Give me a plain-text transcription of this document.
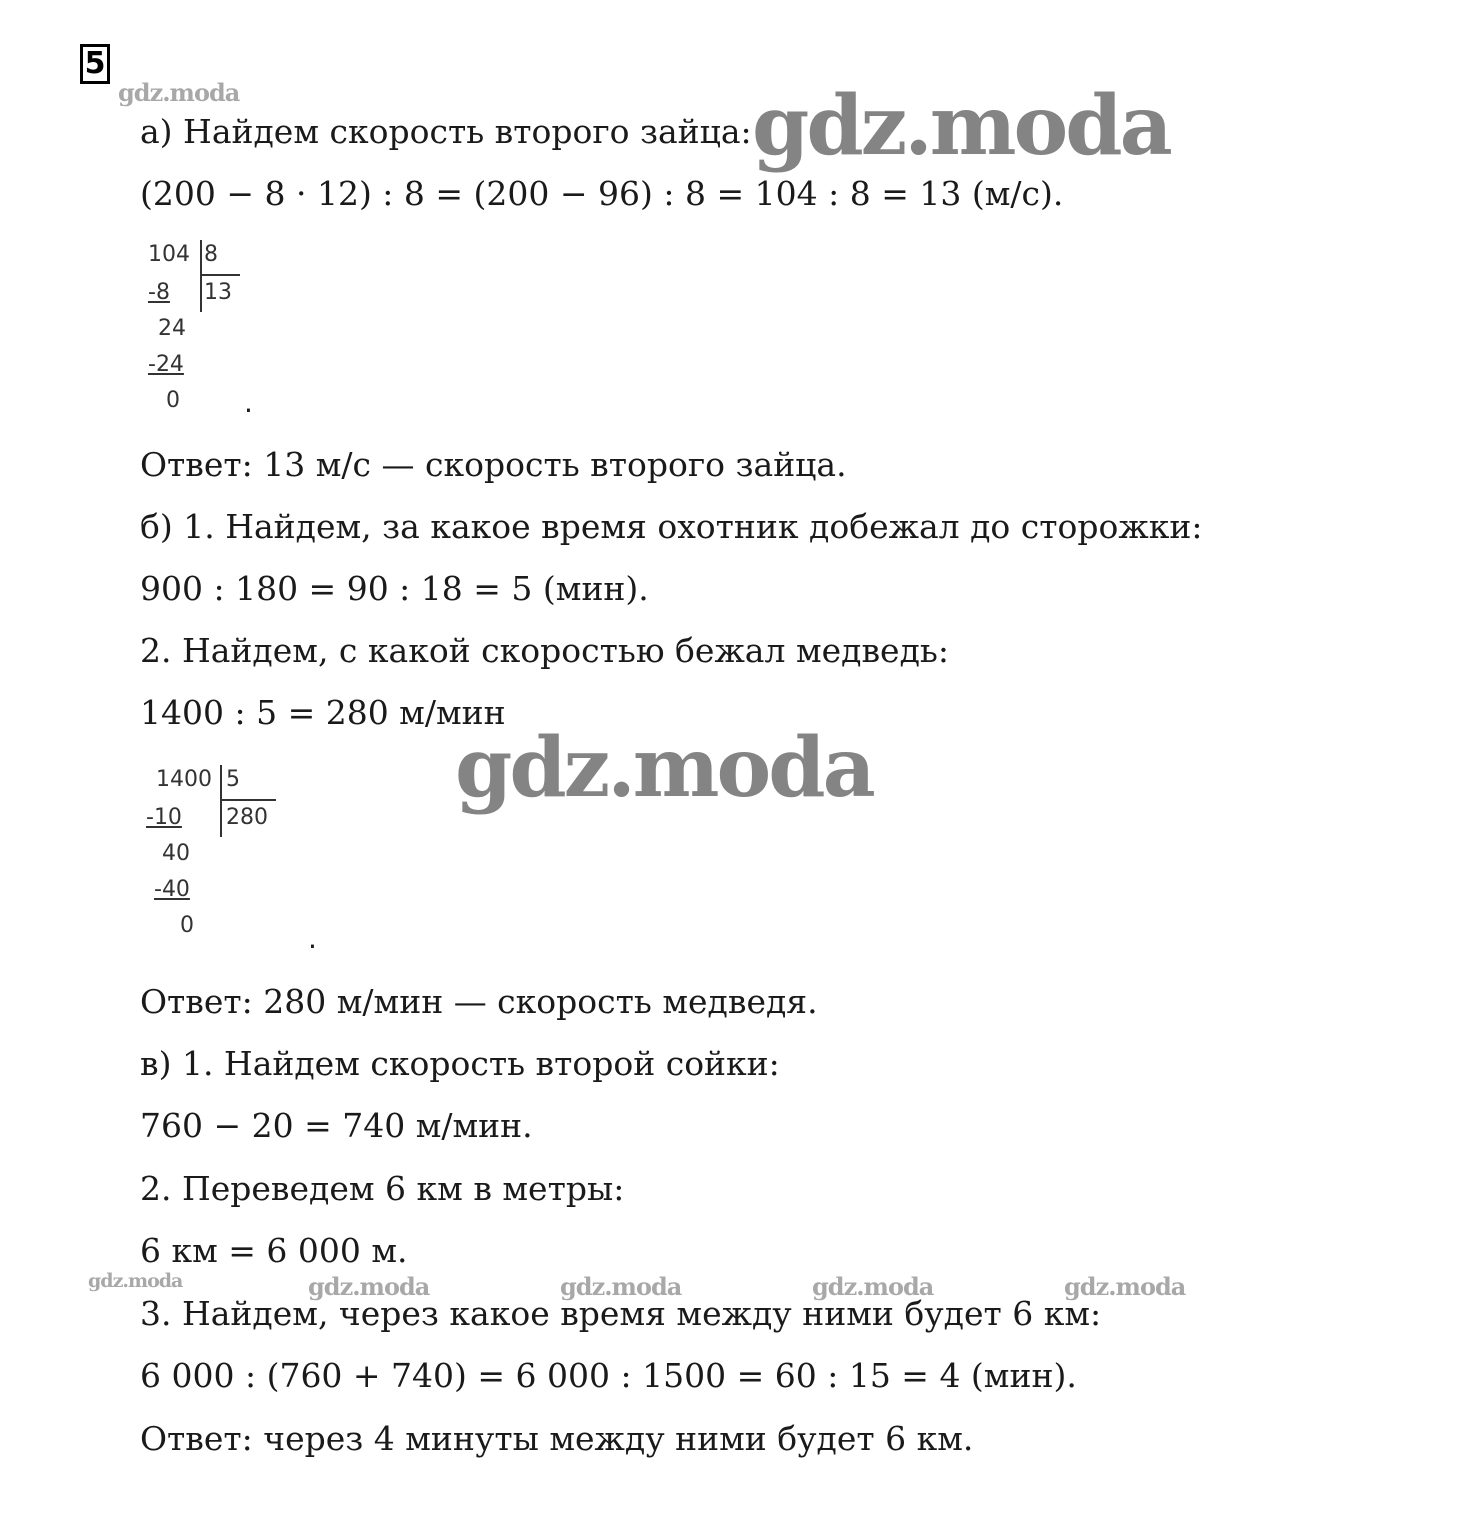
5
gdz.moda	gdz.moda
gdz.moda
gdz.moda	gdz.moda	gdz.moda	gdz.moda	gdz.moda
а) Найдем скорость второго зайца:
(200 − 8 · 12) : 8 = (200 − 96) : 8 = 104 : 8 = 13 (м/с).
104 8
13
-8
24
-24
0 .
Ответ: 13 м/с — скорость второго зайца.
б) 1. Найдем, за какое время охотник добежал до сторожки:
900 : 180 = 90 : 18 = 5 (мин).
2. Найдем, с какой скоростью бежал медведь:
1400 : 5 = 280 м/мин
1400 5
280
-10
40
-40
0	.
Ответ: 280 м/мин — скорость медведя.
в) 1. Найдем скорость второй сойки:
760 − 20 = 740 м/мин.
2. Переведем 6 км в метры:
6 км = 6 000 м.
3. Найдем, через какое время между ними будет 6 км:
6 000 : (760 + 740) = 6 000 : 1500 = 60 : 15 = 4 (мин).
Ответ: через 4 минуты между ними будет 6 км.
